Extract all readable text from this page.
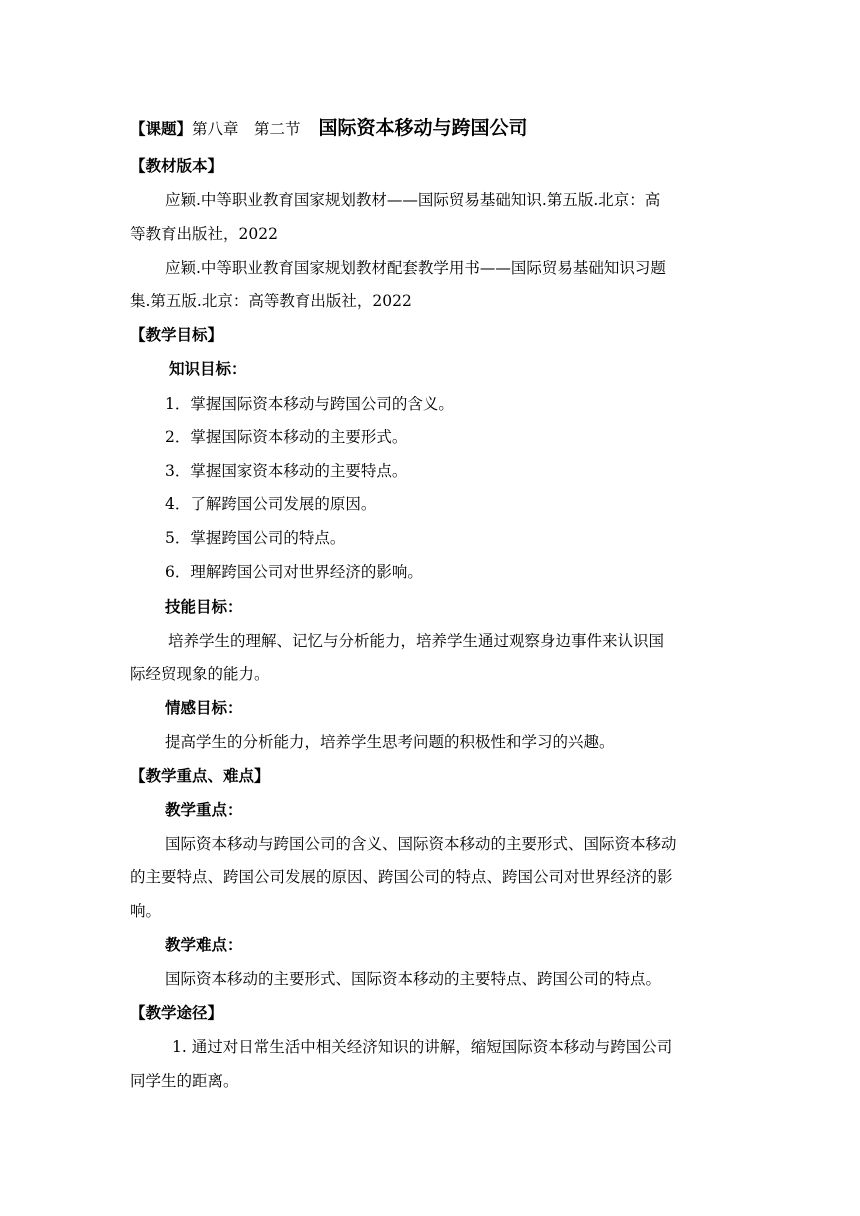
【课题】第八章　第二节 国际资本移动与跨国公司
【教材版本】
应颖.中等职业教育国家规划教材——国际贸易基础知识.第五版.北京：高
等教育出版社，2022
应颖.中等职业教育国家规划教材配套教学用书——国际贸易基础知识习题
集.第五版.北京：高等教育出版社，2022
【教学目标】
知识目标：
1．掌握国际资本移动与跨国公司的含义。
2．掌握国际资本移动的主要形式。
3．掌握国家资本移动的主要特点。
4．了解跨国公司发展的原因。
5．掌握跨国公司的特点。
6．理解跨国公司对世界经济的影响。
技能目标：
培养学生的理解、记忆与分析能力，培养学生通过观察身边事件来认识国
际经贸现象的能力。
情感目标：
提高学生的分析能力，培养学生思考问题的积极性和学习的兴趣。
【教学重点、难点】
教学重点：
国际资本移动与跨国公司的含义、国际资本移动的主要形式、国际资本移动
的主要特点、跨国公司发展的原因、跨国公司的特点、跨国公司对世界经济的影
响。
教学难点：
国际资本移动的主要形式、国际资本移动的主要特点、跨国公司的特点。
【教学途径】
1. 通过对日常生活中相关经济知识的讲解，缩短国际资本移动与跨国公司
同学生的距离。
